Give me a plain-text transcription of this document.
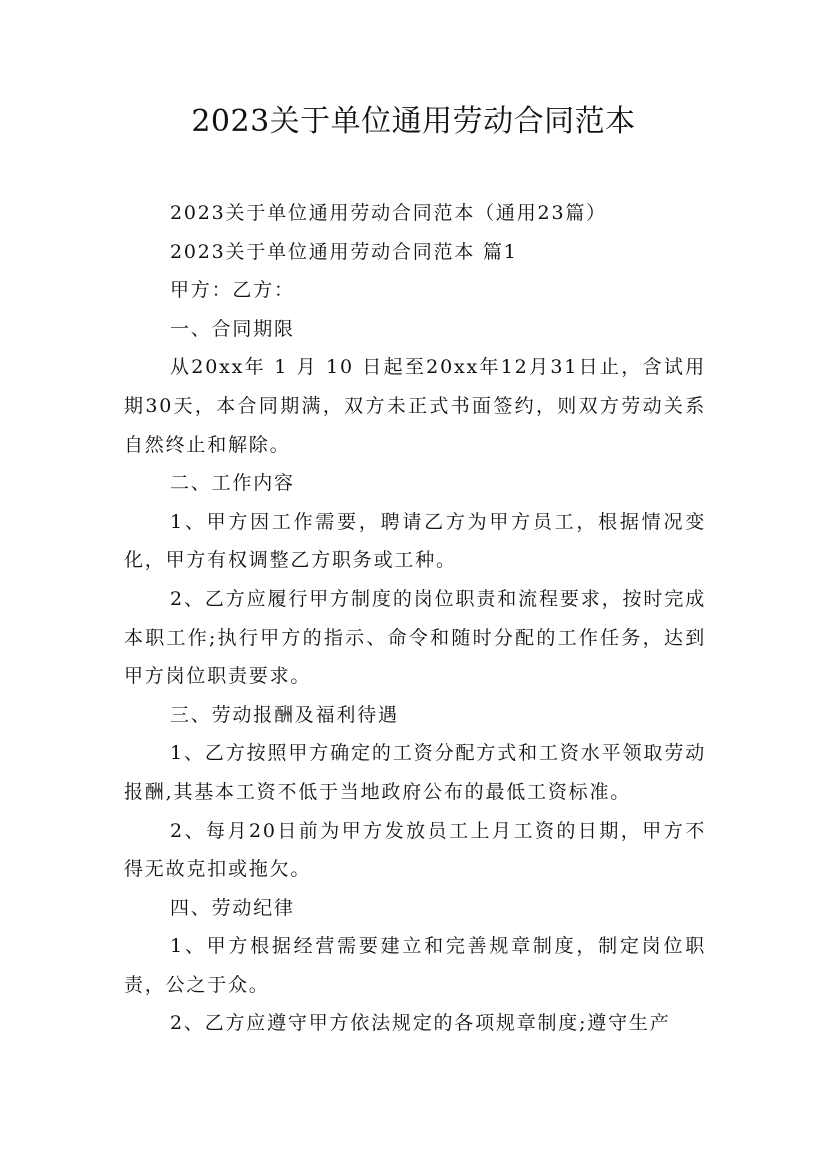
2023关于单位通用劳动合同范本

2023关于单位通用劳动合同范本（通用23篇）

2023关于单位通用劳动合同范本 篇1

甲方：乙方：

一、合同期限

从20xx年 1 月 10 日起至20xx年12月31日止，含试用期30天，本合同期满，双方未正式书面签约，则双方劳动关系自然终止和解除。

二、工作内容

1、甲方因工作需要，聘请乙方为甲方员工，根据情况变化，甲方有权调整乙方职务或工种。

2、乙方应履行甲方制度的岗位职责和流程要求，按时完成本职工作;执行甲方的指示、命令和随时分配的工作任务，达到甲方岗位职责要求。

三、劳动报酬及福利待遇

1、乙方按照甲方确定的工资分配方式和工资水平领取劳动报酬,其基本工资不低于当地政府公布的最低工资标准。

2、每月20日前为甲方发放员工上月工资的日期，甲方不得无故克扣或拖欠。

四、劳动纪律

1、甲方根据经营需要建立和完善规章制度，制定岗位职责，公之于众。

2、乙方应遵守甲方依法规定的各项规章制度;遵守生产
